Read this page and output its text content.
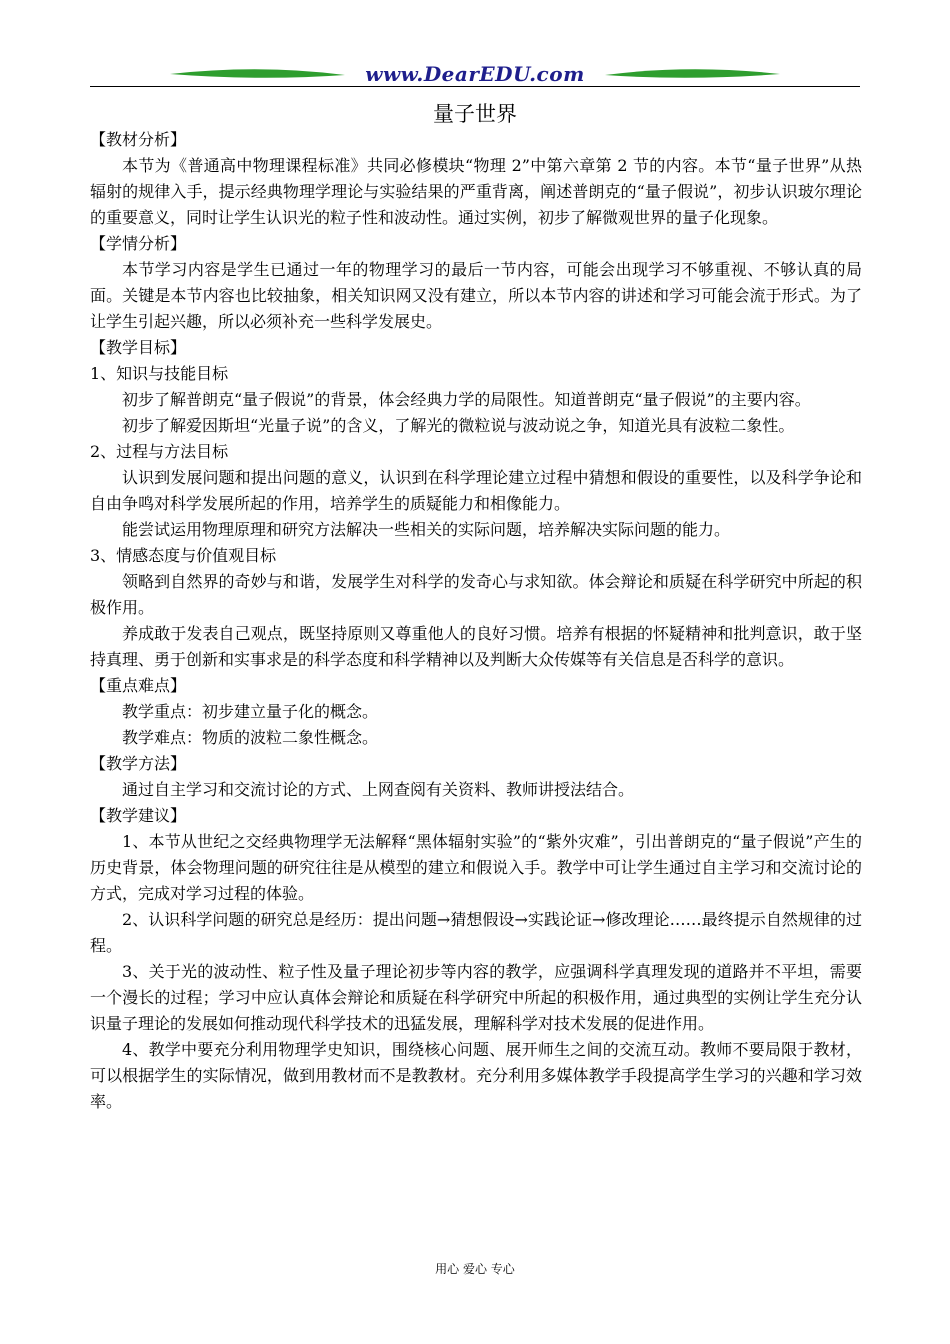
www.DearEDU.com
量子世界

【教材分析】

本节为《普通高中物理课程标准》共同必修模块“物理 2”中第六章第 2 节的内容。本节“量子世界”从热辐射的规律入手，提示经典物理学理论与实验结果的严重背离，阐述普朗克的“量子假说”，初步认识玻尔理论的重要意义，同时让学生认识光的粒子性和波动性。通过实例，初步了解微观世界的量子化现象。

【学情分析】

本节学习内容是学生已通过一年的物理学习的最后一节内容，可能会出现学习不够重视、不够认真的局面。关键是本节内容也比较抽象，相关知识网又没有建立，所以本节内容的讲述和学习可能会流于形式。为了让学生引起兴趣，所以必须补充一些科学发展史。

【教学目标】

1、知识与技能目标

初步了解普朗克“量子假说”的背景，体会经典力学的局限性。知道普朗克“量子假说”的主要内容。

初步了解爱因斯坦“光量子说”的含义，了解光的微粒说与波动说之争，知道光具有波粒二象性。

2、过程与方法目标

认识到发展问题和提出问题的意义，认识到在科学理论建立过程中猜想和假设的重要性，以及科学争论和自由争鸣对科学发展所起的作用，培养学生的质疑能力和相像能力。

能尝试运用物理原理和研究方法解决一些相关的实际问题，培养解决实际问题的能力。

3、情感态度与价值观目标

领略到自然界的奇妙与和谐，发展学生对科学的发奇心与求知欲。体会辩论和质疑在科学研究中所起的积极作用。

养成敢于发表自己观点，既坚持原则又尊重他人的良好习惯。培养有根据的怀疑精神和批判意识，敢于坚持真理、勇于创新和实事求是的科学态度和科学精神以及判断大众传媒等有关信息是否科学的意识。

【重点难点】

教学重点：初步建立量子化的概念。

教学难点：物质的波粒二象性概念。

【教学方法】

通过自主学习和交流讨论的方式、上网查阅有关资料、教师讲授法结合。

【教学建议】

1、本节从世纪之交经典物理学无法解释“黑体辐射实验”的“紫外灾难”，引出普朗克的“量子假说”产生的历史背景，体会物理问题的研究往往是从模型的建立和假说入手。教学中可让学生通过自主学习和交流讨论的方式，完成对学习过程的体验。

2、认识科学问题的研究总是经历：提出问题→猜想假设→实践论证→修改理论……最终提示自然规律的过程。

3、关于光的波动性、粒子性及量子理论初步等内容的教学，应强调科学真理发现的道路并不平坦，需要一个漫长的过程；学习中应认真体会辩论和质疑在科学研究中所起的积极作用，通过典型的实例让学生充分认识量子理论的发展如何推动现代科学技术的迅猛发展，理解科学对技术发展的促进作用。

4、教学中要充分利用物理学史知识，围绕核心问题、展开师生之间的交流互动。教师不要局限于教材，可以根据学生的实际情况，做到用教材而不是教教材。充分利用多媒体教学手段提高学生学习的兴趣和学习效率。

用心 爱心 专心
